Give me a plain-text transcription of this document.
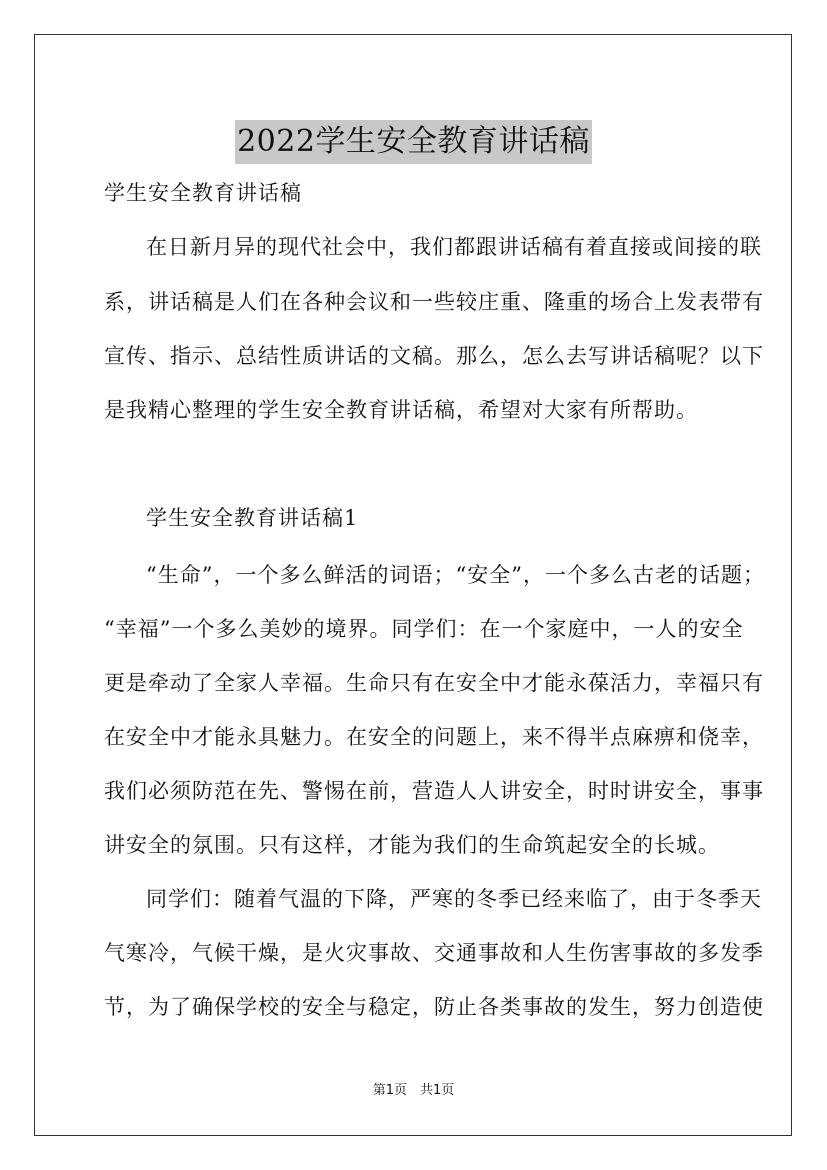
2022学生安全教育讲话稿
学生安全教育讲话稿
在日新月异的现代社会中，我们都跟讲话稿有着直接或间接的联
系，讲话稿是人们在各种会议和一些较庄重、隆重的场合上发表带有
宣传、指示、总结性质讲话的文稿。那么，怎么去写讲话稿呢？以下
是我精心整理的学生安全教育讲话稿，希望对大家有所帮助。
学生安全教育讲话稿1
“生命”，一个多么鲜活的词语；“安全”，一个多么古老的话题；
“幸福”一个多么美妙的境界。同学们：在一个家庭中，一人的安全
更是牵动了全家人幸福。生命只有在安全中才能永葆活力，幸福只有
在安全中才能永具魅力。在安全的问题上，来不得半点麻痹和侥幸，
我们必须防范在先、警惕在前，营造人人讲安全，时时讲安全，事事
讲安全的氛围。只有这样，才能为我们的生命筑起安全的长城。
同学们：随着气温的下降，严寒的冬季已经来临了，由于冬季天
气寒冷，气候干燥，是火灾事故、交通事故和人生伤害事故的多发季
节，为了确保学校的安全与稳定，防止各类事故的发生，努力创造使
第1页　共1页
